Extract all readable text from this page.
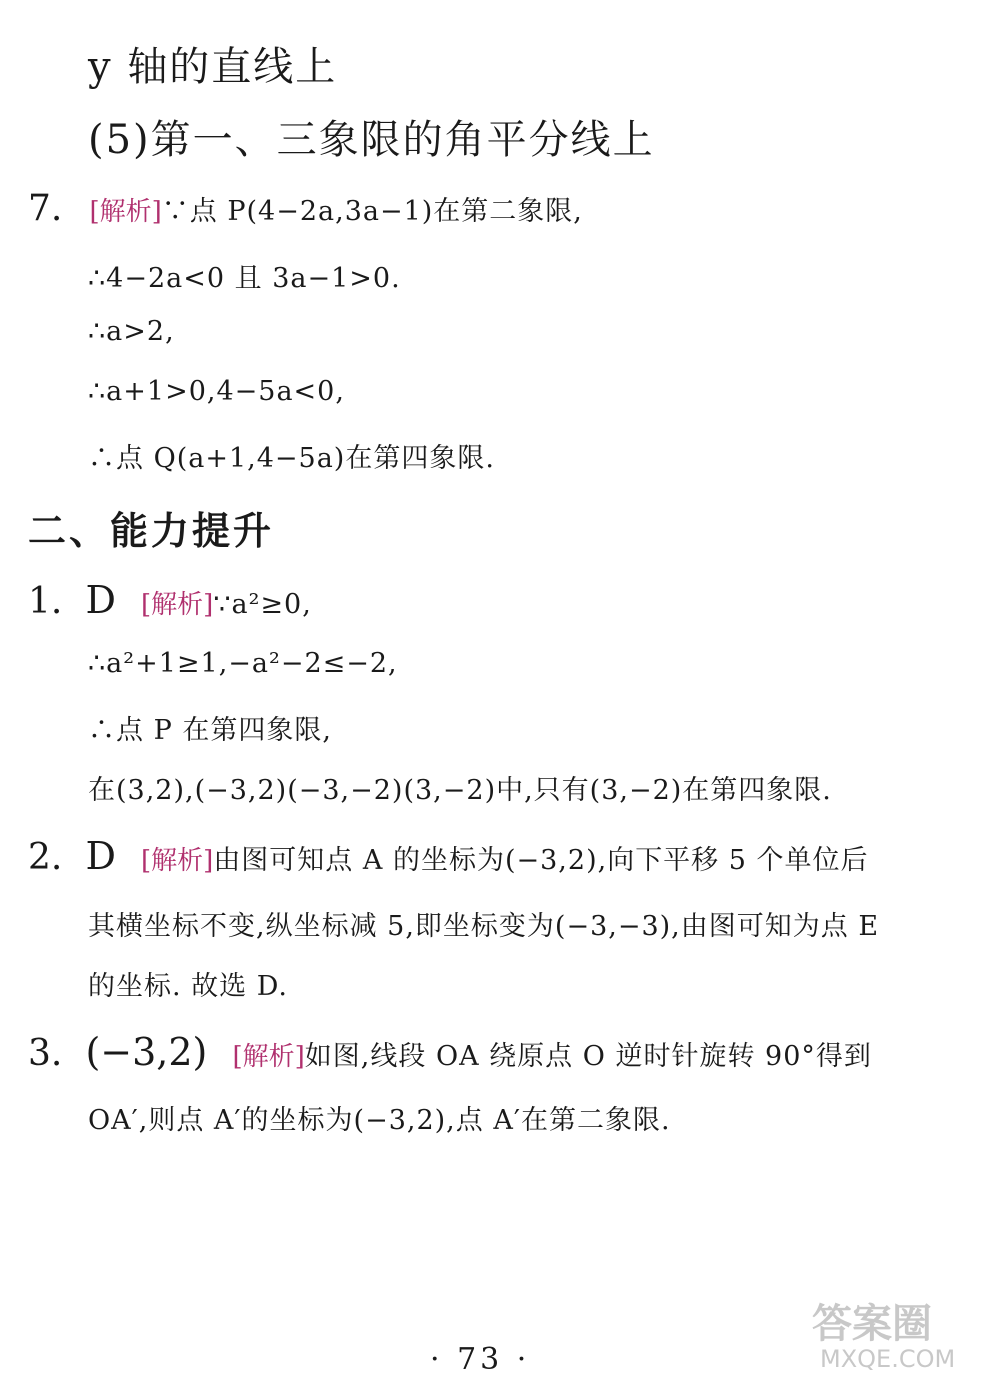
y 轴的直线上
(5)第一、三象限的角平分线上
7. [解析]∵点 P(4−2a,3a−1)在第二象限,
∴4−2a<0 且 3a−1>0.
∴a>2,
∴a+1>0,4−5a<0,
∴点 Q(a+1,4−5a)在第四象限.
二、能力提升
1. D [解析]∵a²≥0,
∴a²+1≥1,−a²−2≤−2,
∴点 P 在第四象限,
在(3,2),(−3,2)(−3,−2)(3,−2)中,只有(3,−2)在第四象限.
2. D [解析]由图可知点 A 的坐标为(−3,2),向下平移 5 个单位后
其横坐标不变,纵坐标减 5,即坐标变为(−3,−3),由图可知为点 E
的坐标. 故选 D.
3. (−3,2) [解析]如图,线段 OA 绕原点 O 逆时针旋转 90°得到
OA′,则点 A′的坐标为(−3,2),点 A′在第二象限.
· 73 ·
答案圈
MXQE.COM
